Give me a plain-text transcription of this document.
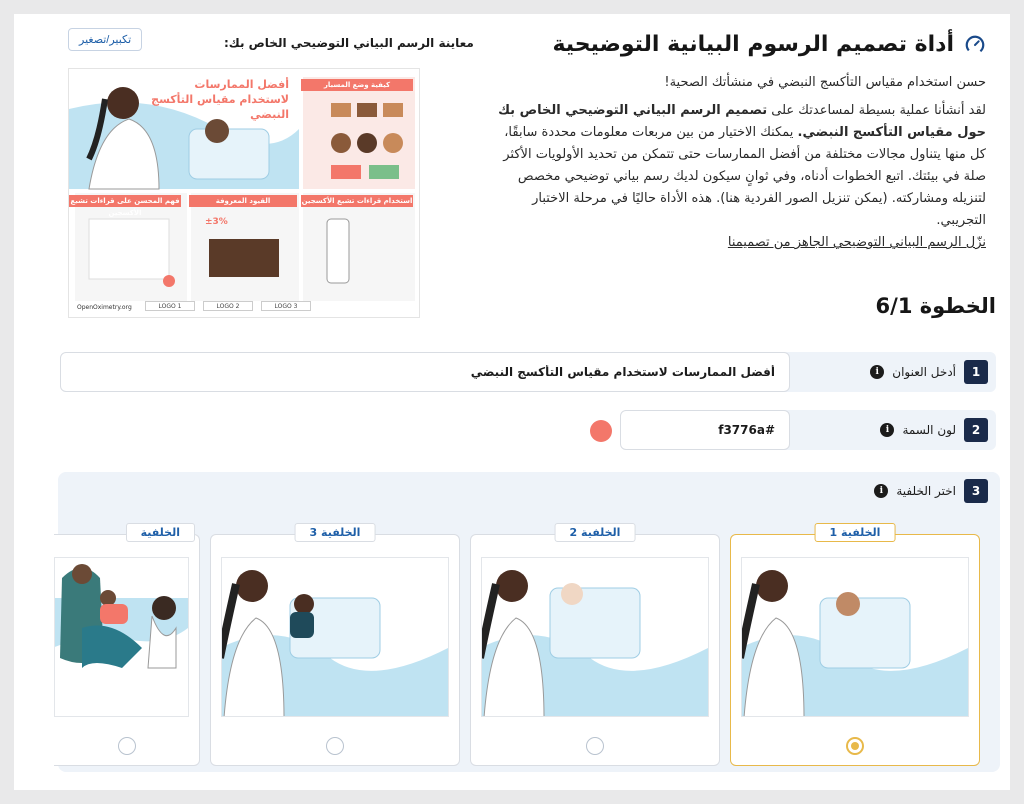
أداة تصميم الرسوم البيانية التوضيحية

حسن استخدام مقياس التأكسج النبضي في منشأتك الصحية!

لقد أنشأنا عملية بسيطة لمساعدتك على تصميم الرسم البياني التوضيحي الخاص بك حول مقياس التأكسج النبضي. يمكنك الاختيار من بين مربعات معلومات محددة سابقًا، كل منها يتناول مجالات مختلفة من أفضل الممارسات حتى تتمكن من تحديد الأولويات الأكثر صلة في بيئتك. اتبع الخطوات أدناه، وفي ثوانٍ سيكون لديك رسم بياني توضيحي مخصص لتنزيله ومشاركته. (يمكن تنزيل الصور الفردية هنا). هذه الأداة حاليًا في مرحلة الاختبار التجريبي.
نزّل الرسم البياني التوضيحي الجاهز من تصميمنا

معاينة الرسم البياني التوضيحي الخاص بك:
تكبير/تصغير
أفضل الممارسات لاستخدام مقياس التأكسج النبضي
كيفية وضع المسبار
القيود المعروفة
فهم المحسن على قراءات تشبع الأكسجين
استخدام قراءات تشبع الأكسجين
±3%
OpenOximetry.org	LOGO 1	LOGO 2	LOGO 3	الخطوة 6/1
1
أدخل العنوان
i
أفضل الممارسات لاستخدام مقياس التأكسج النبضي
2
لون السمة
i
#f3776a
3
اختر الخلفية
i
الخلفية 1
الخلفية 2
الخلفية 3
الخلفية
